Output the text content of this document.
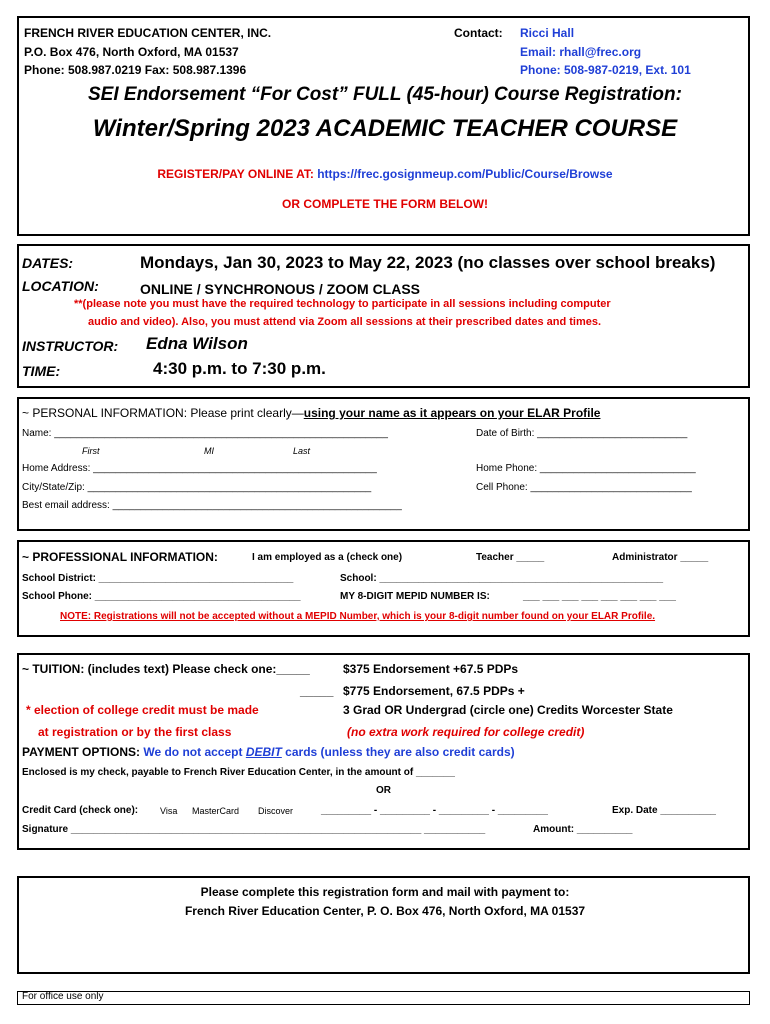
FRENCH RIVER EDUCATION CENTER, INC.
P.O. Box 476, North Oxford, MA 01537
Phone: 508.987.0219 Fax: 508.987.1396
Contact: Ricci Hall
Email: rhall@frec.org
Phone: 508-987-0219, Ext. 101
SEI Endorsement “For Cost” FULL (45-hour) Course Registration:
Winter/Spring 2023 ACADEMIC TEACHER COURSE
REGISTER/PAY ONLINE AT: https://frec.gosignmeup.com/Public/Course/Browse
OR COMPLETE THE FORM BELOW!
DATES:	Mondays, Jan 30, 2023 to May 22, 2023 (no classes over school breaks)
LOCATION:	ONLINE / SYNCHRONOUS / ZOOM CLASS
**(please note you must have the required technology to participate in all sessions including computer
audio and video). Also, you must attend via Zoom all sessions at their prescribed dates and times.
INSTRUCTOR: Edna Wilson
TIME:	4:30 p.m. to 7:30 p.m.
~ PERSONAL INFORMATION: Please print clearly—using your name as it appears on your ELAR Profile
Name: ____________________________________________________________	Date of Birth: ___________________________
First	MI	Last
Home Address: ___________________________________________________	Home Phone: ____________________________
City/State/Zip: ___________________________________________________	Cell Phone: _____________________________
Best email address: ____________________________________________________
~ PROFESSIONAL INFORMATION:	I am employed as a (check one)	Teacher _____	Administrator _____
School District: ___________________________________	School: ___________________________________________________
School Phone: _____________________________________	MY 8-DIGIT MEPID NUMBER IS:	___ ___ ___ ___ ___ ___ ___ ___
NOTE: Registrations will not be accepted without a MEPID Number, which is your 8-digit number found on your ELAR Profile.
~ TUITION: (includes text) Please check one:_____	$375 Endorsement +67.5 PDPs
_____ $775 Endorsement, 67.5 PDPs +
3 Grad OR Undergrad (circle one) Credits Worcester State
* election of college credit must be made
at registration or by the first class	(no extra work required for college credit)
PAYMENT OPTIONS: We do not accept DEBIT cards (unless they are also credit cards)
Enclosed is my check, payable to French River Education Center, in the amount of _______
OR
Credit Card (check one): Visa MasterCard Discover	_________ - _________ - _________ - _________	Exp. Date __________
Signature _______________________________________________________________ ___________	Amount: __________
Please complete this registration form and mail with payment to:
French River Education Center, P. O. Box 476, North Oxford, MA 01537
For office use only
